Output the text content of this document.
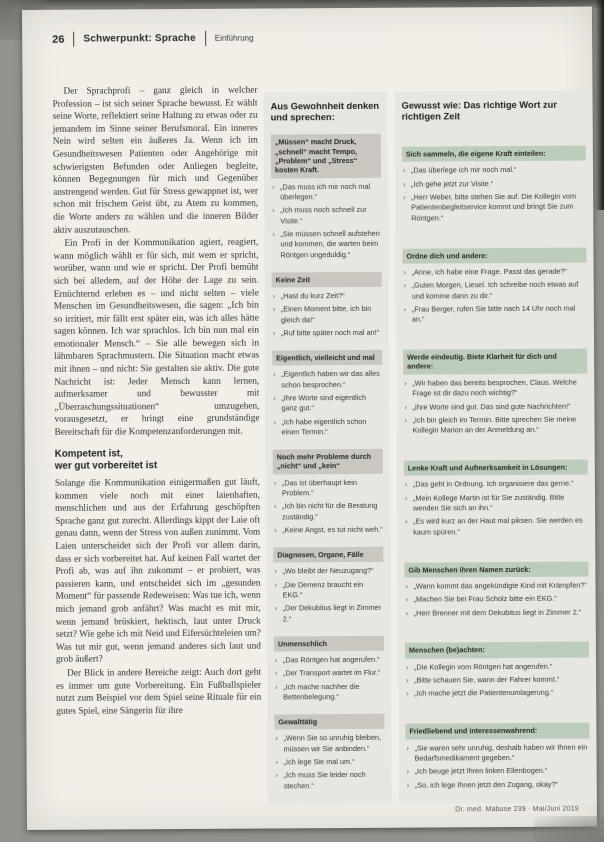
26 Schwerpunkt: Sprache Einführung

Der Sprachprofi – ganz gleich in welcher Profession – ist sich seiner Sprache bewusst. Er wählt seine Worte, reflektiert seine Haltung zu etwas oder zu jemandem im Sinne seiner Berufsmoral. Ein inneres Nein wird selten ein äußeres Ja. Wenn ich im Gesundheitswesen Patienten oder Angehörige mit schwierigsten Befunden oder Anliegen begleite, können Begegnungen für mich und Gegenüber anstrengend werden. Gut für Stress gewappnet ist, wer schon mit frischem Geist übt, zu Atem zu kommen, die Worte anders zu wählen und die inneren Bilder aktiv auszutauschen.

Ein Profi in der Kommunikation agiert, reagiert, wann möglich wählt er für sich, mit wem er spricht, worüber, wann und wie er spricht. Der Profi bemüht sich bei alledem, auf der Höhe der Lage zu sein. Ernüchternd erleben es – und nicht selten – viele Menschen im Gesundheitswesen, die sagen: „Ich bin so irritiert, mir fällt erst später ein, was ich alles hätte sagen können. Ich war sprachlos. Ich bin nun mal ein emotionaler Mensch.“ – Sie alle bewegen sich in lähmbaren Sprachmustern. Die Situation macht etwas mit ihnen – und nicht: Sie gestalten sie aktiv. Die gute Nachricht ist: Jeder Mensch kann lernen, aufmerksamer und bewusster mit „Überraschungssituationen“ umzugehen, vorausgesetzt, er bringt eine grundständige Bereitschaft für die Kompetenzanforderungen mit.

Kompetent ist,
wer gut vorbereitet ist

Solange die Kommunikation einigermaßen gut läuft, kommen viele noch mit einer laienhaften, menschlichen und aus der Erfahrung geschöpften Sprache ganz gut zurecht. Allerdings kippt der Laie oft genau dann, wenn der Stress von außen zunimmt. Vom Laien unterscheidet sich der Profi vor allem darin, dass er sich vorbereitet hat. Auf keinen Fall wartet der Profi ab, was auf ihn zukommt – er probiert, was passieren kann, und entscheidet sich im „gesunden Moment“ für passende Redeweisen: Was tue ich, wenn mich jemand grob anfährt? Was macht es mit mir, wenn jemand brüskiert, hektisch, laut unter Druck setzt? Wie gehe ich mit Neid und Eifersüchteleien um? Was tut mir gut, wenn jemand anderes sich laut und grob äußert?

Der Blick in andere Bereiche zeigt: Auch dort geht es immer um gute Vorbereitung. Ein Fußballspieler nutzt zum Beispiel vor dem Spiel seine Rituale für ein gutes Spiel, eine Sängerin für ihre

Aus Gewohnheit denken und sprechen:
„Müssen“ macht Druck, „schnell“ macht Tempo, „Problem“ und „Stress“ kosten Kraft.
› „Das muss ich mir noch mal überlegen.“
› „Ich muss noch schnell zur Visite.“
› „Sie müssen schnell aufstehen und kommen, die warten beim Röntgen ungeduldig.“
Keine Zeit
› „Hast du kurz Zeit?“
› „Einen Moment bitte, ich bin gleich da!“
› „Ruf bitte später noch mal an!“
Eigentlich, vielleicht und mal
› „Eigentlich haben wir das alles schon besprochen.“
› „Ihre Worte sind eigentlich ganz gut.“
› „Ich habe eigentlich schon einen Termin.“
Noch mehr Probleme durch „nicht“ und „kein“
› „Das ist überhaupt kein Problem.“
› „Ich bin nicht für die Beratung zuständig.“
› „Keine Angst, es tut nicht weh.“
Diagnosen, Organe, Fälle
› „Wo bleibt der Neuzugang?“
› „Die Demenz braucht ein EKG.“
› „Der Dekubitus liegt in Zimmer 2.“
Unmenschlich
› „Das Röntgen hat angerufen.“
› „Der Transport wartet im Flur.“
› „Ich mache nachher die Bettenbelegung.“
Gewalttätig
› „Wenn Sie so unruhig bleiben, müssen wir Sie anbinden.“
› „Ich lege Sie mal um.“
› „Ich muss Sie leider noch stechen.“
Gewusst wie: Das richtige Wort zur richtigen Zeit
Sich sammeln, die eigene Kraft einteilen:
› „Das überlege ich mir noch mal.“
› „Ich gehe jetzt zur Visite.“
› „Herr Weber, bitte stehen Sie auf. Die Kollegin vom Patientenbegleitservice kommt und bringt Sie zum Röntgen.“
Ordne dich und andere:
› „Anne, ich habe eine Frage. Passt das gerade?“
› „Guten Morgen, Liesel. Ich schreibe noch etwas auf und komme dann zu dir.“
› „Frau Berger, rufen Sie bitte nach 14 Uhr noch mal an.“
Werde eindeutig. Biete Klarheit für dich und andere:
› „Wir haben das bereits besprochen, Claus. Welche Frage ist dir dazu noch wichtig?“
› „Ihre Worte sind gut. Das sind gute Nachrichten!“
› „Ich bin gleich im Termin. Bitte sprechen Sie meine Kollegin Marion an der Anmeldung an.“
Lenke Kraft und Aufmerksamkeit in Lösungen:
› „Das geht in Ordnung. Ich organisiere das gerne.“
› „Mein Kollege Martin ist für Sie zuständig. Bitte wenden Sie sich an ihn.“
› „Es wird kurz an der Haut mal piksen. Sie werden es kaum spüren.“
Gib Menschen ihren Namen zurück:
› „Wann kommt das angekündigte Kind mit Krämpfen?“
› „Machen Sie bei Frau Scholz bitte ein EKG.“
› „Herr Brenner mit dem Dekubitus liegt in Zimmer 2.“
Menschen (be)achten:
› „Die Kollegin vom Röntgen hat angerufen.“
› „Bitte schauen Sie, wann der Fahrer kommt.“
› „Ich mache jetzt die Patientenumlagerung.“
Friedliebend und interessenwahrend:
› „Sie waren sehr unruhig, deshalb haben wir Ihnen ein Bedarfsmedikament gegeben.“
› „Ich beuge jetzt Ihren linken Ellenbogen.“
› „So, ich lege Ihnen jetzt den Zugang, okay?“
Dr. med. Mabuse 239 · Mai/Juni 2019
